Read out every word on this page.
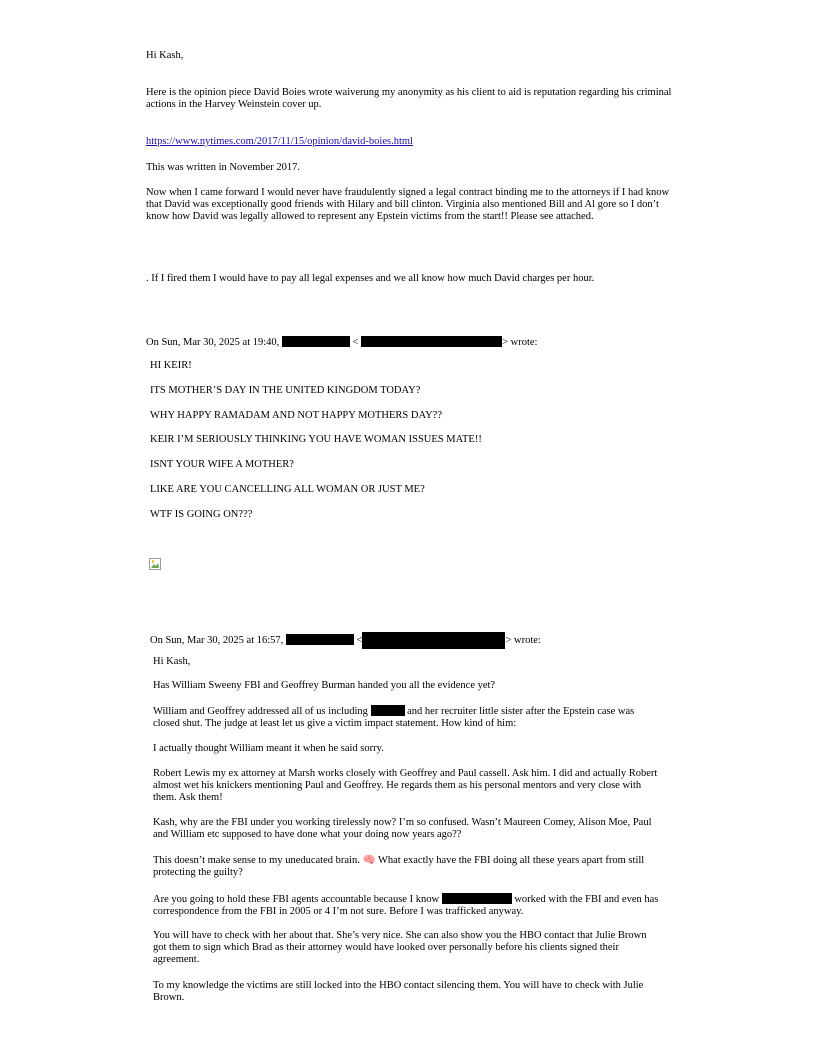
Hi Kash,

Here is the opinion piece David Boies wrote waiverung my anonymity as his client to aid is reputation regarding his criminal actions in the Harvey Weinstein cover up.

https://www.nytimes.com/2017/11/15/opinion/david-boies.html

This was written in November 2017.

Now when I came forward I would never have fraudulently signed a legal contract binding me to the attorneys if I had know that David was exceptionally good friends with Hilary and bill clinton. Virginia also mentioned Bill and Al gore so I don’t know how David was legally allowed to represent any Epstein victims from the start!! Please see attached.

. If I fired them I would have to pay all legal expenses and we all know how much David charges per hour.

On Sun, Mar 30, 2025 at 19:40,	<	> wrote:

HI KEIR!

ITS MOTHER’S DAY IN THE UNITED KINGDOM TODAY?

WHY HAPPY RAMADAM AND NOT HAPPY MOTHERS DAY??

KEIR I’M SERIOUSLY THINKING YOU HAVE WOMAN ISSUES MATE!!

ISNT YOUR WIFE A MOTHER?

LIKE ARE YOU CANCELLING ALL WOMAN OR JUST ME?

WTF IS GOING ON???

On Sun, Mar 30, 2025 at 16:57,	<	> wrote:

Hi Kash,

Has William Sweeny FBI and Geoffrey Burman handed you all the evidence yet?

William and Geoffrey addressed all of us including	and her recruiter little sister after the Epstein case was closed shut. The judge at least let us give a victim impact statement. How kind of him:

I actually thought William meant it when he said sorry.

Robert Lewis my ex attorney at Marsh works closely with Geoffrey and Paul cassell. Ask him. I did and actually Robert almost wet his knickers mentioning Paul and Geoffrey. He regards them as his personal mentors and very close with them. Ask them!

Kash, why are the FBI under you working tirelessly now? I’m so confused. Wasn’t Maureen Comey, Alison Moe, Paul and William etc supposed to have done what your doing now years ago??

This doesn’t make sense to my uneducated brain. 🧠 What exactly have the FBI doing all these years apart from still protecting the guilty?

Are you going to hold these FBI agents accountable because I know	worked with the FBI and even has correspondence from the FBI in 2005 or 4 I’m not sure. Before I was trafficked anyway.

You will have to check with her about that. She’s very nice. She can also show you the HBO contact that Julie Brown got them to sign which Brad as their attorney would have looked over personally before his clients signed their agreement.

To my knowledge the victims are still locked into the HBO contact silencing them. You will have to check with Julie Brown.
